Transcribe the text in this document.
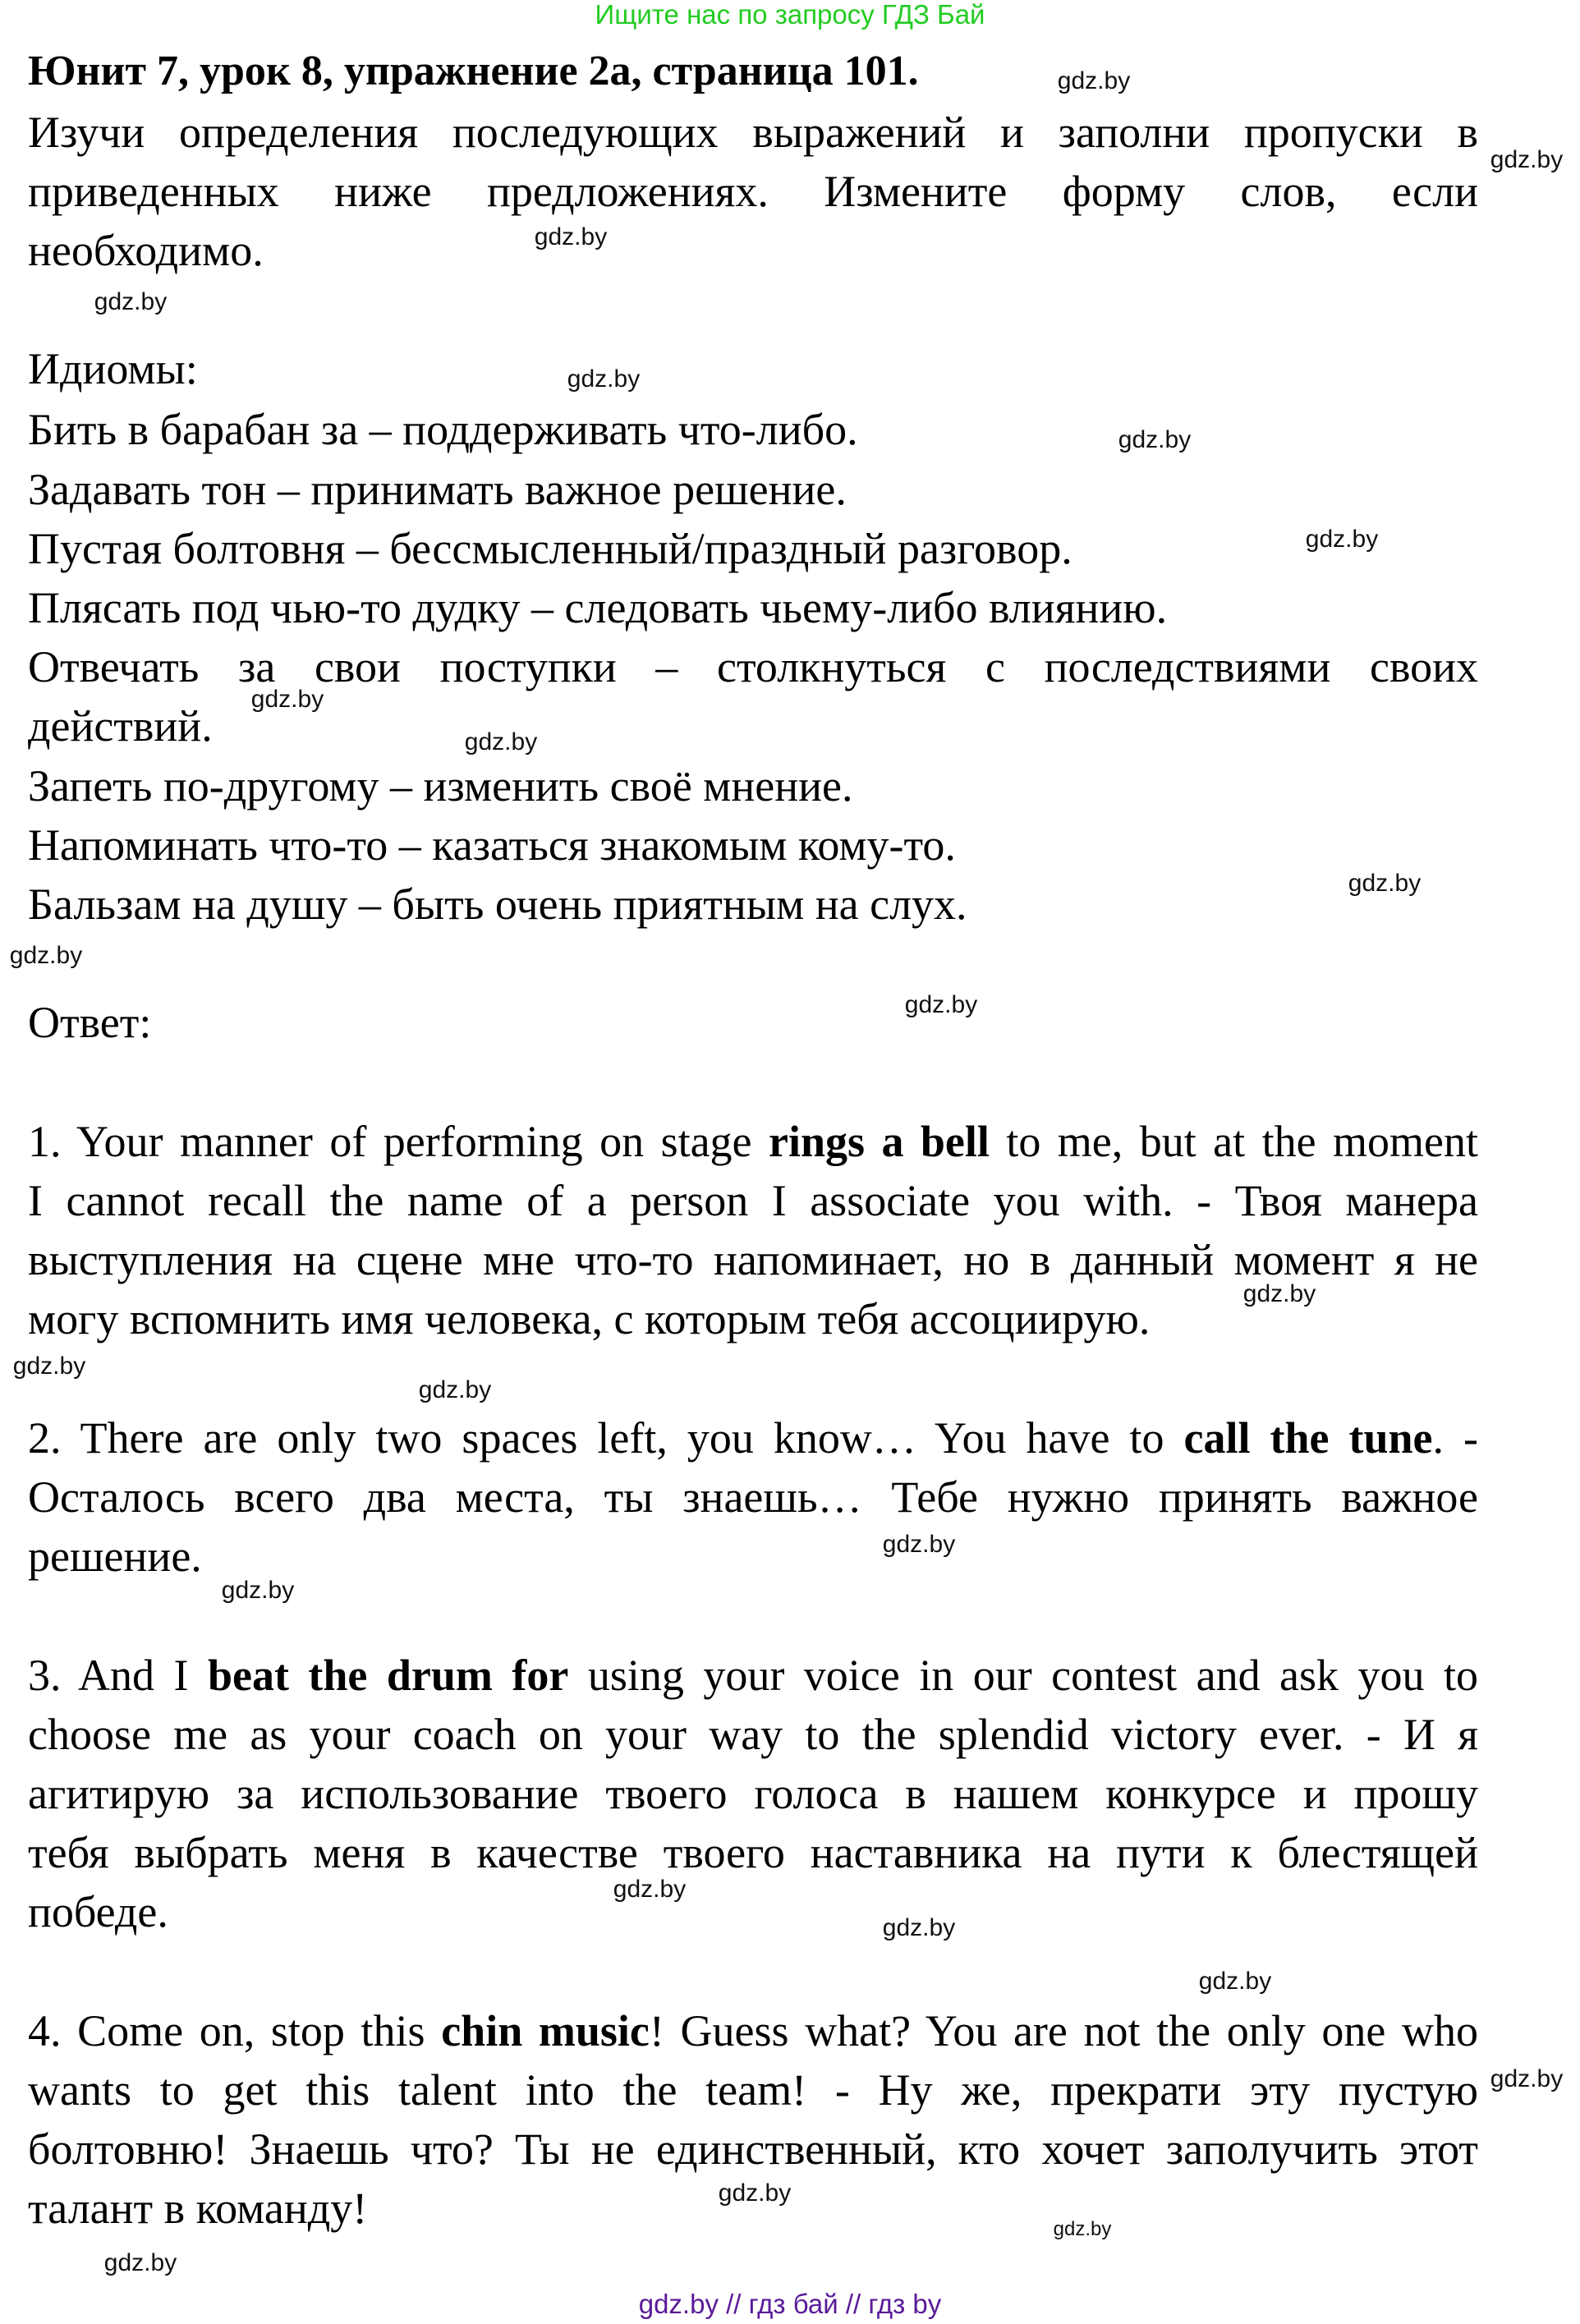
Ищите нас по запросу ГДЗ Бай
Юнит 7, урок 8, упражнение 2а, страница 101.
Изучи определения последующих выражений и заполни пропуски в
приведенных ниже предложениях. Измените форму слов, если
необходимо.
Идиомы:
Бить в барабан за – поддерживать что-либо.
Задавать тон – принимать важное решение.
Пустая болтовня – бессмысленный/праздный разговор.
Плясать под чью-то дудку – следовать чьему-либо влиянию.
Отвечать за свои поступки – столкнуться с последствиями своих
действий.
Запеть по-другому – изменить своё мнение.
Напоминать что-то – казаться знакомым кому-то.
Бальзам на душу – быть очень приятным на слух.
Ответ:
1. Your manner of performing on stage rings a bell to me, but at the moment
I cannot recall the name of a person I associate you with. - Твоя манера
выступления на сцене мне что-то напоминает, но в данный момент я не
могу вспомнить имя человека, с которым тебя ассоциирую.
2. There are only two spaces left, you know… You have to call the tune. -
Осталось всего два места, ты знаешь… Тебе нужно принять важное
решение.
3. And I beat the drum for using your voice in our contest and ask you to
choose me as your coach on your way to the splendid victory ever. - И я
агитирую за использование твоего голоса в нашем конкурсе и прошу
тебя выбрать меня в качестве твоего наставника на пути к блестящей
победе.
4. Come on, stop this chin music! Guess what? You are not the only one who
wants to get this talent into the team! - Ну же, прекрати эту пустую
болтовню! Знаешь что? Ты не единственный, кто хочет заполучить этот
талант в команду!
gdz.by
gdz.by
gdz.by
gdz.by
gdz.by
gdz.by
gdz.by
gdz.by
gdz.by
gdz.by
gdz.by
gdz.by
gdz.by
gdz.by
gdz.by
gdz.by
gdz.by
gdz.by
gdz.by
gdz.by
gdz.by
gdz.by
gdz.by
gdz.by
gdz.by // гдз бай // гдз by
